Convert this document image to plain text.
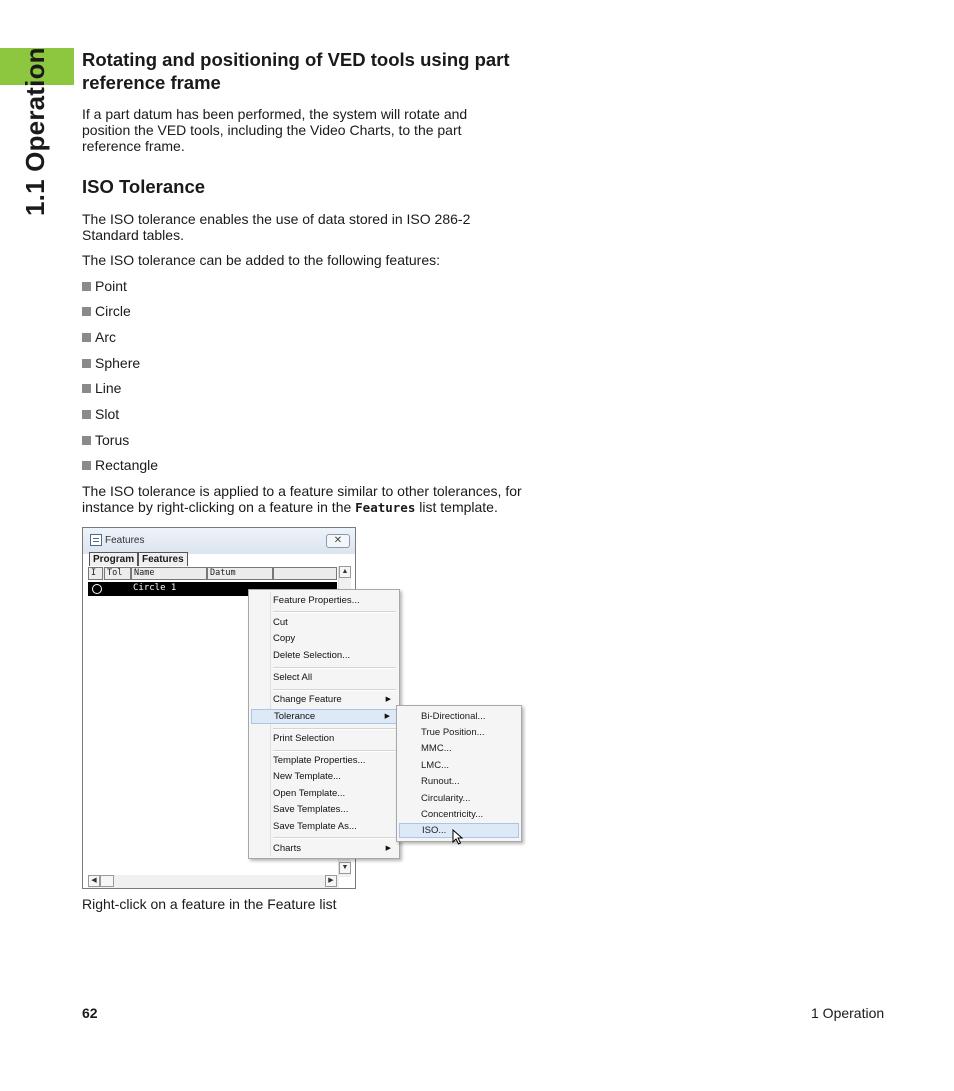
1.1 Operation Rotating and positioning of VED tools using part reference frame
If a part datum has been performed, the system will rotate and position the VED tools, including the Video Charts, to the part reference frame.
ISO Tolerance
The ISO tolerance enables the use of data stored in ISO 286-2 Standard tables.
The ISO tolerance can be added to the following features:
Point
Circle
Arc
Sphere
Line
Slot
Torus
Rectangle
The ISO tolerance is applied to a feature similar to other tolerances, for instance by right-clicking on a feature in the Features list template.
Features	✕
Program Features
I	Tol	Name	Datum
Circle 1
▲
▼
◀	▶
Feature Properties...
Cut
Copy
Delete Selection...
Select All
Change Feature	▶
Tolerance	▶
Print Selection
Template Properties...
New Template...
Open Template...
Save Templates...
Save Template As...
Charts	▶
Bi-Directional...
True Position...
MMC...
LMC...
Runout...
Circularity...
Concentricity...
ISO...
Right-click on a feature in the Feature list
62	1 Operation
